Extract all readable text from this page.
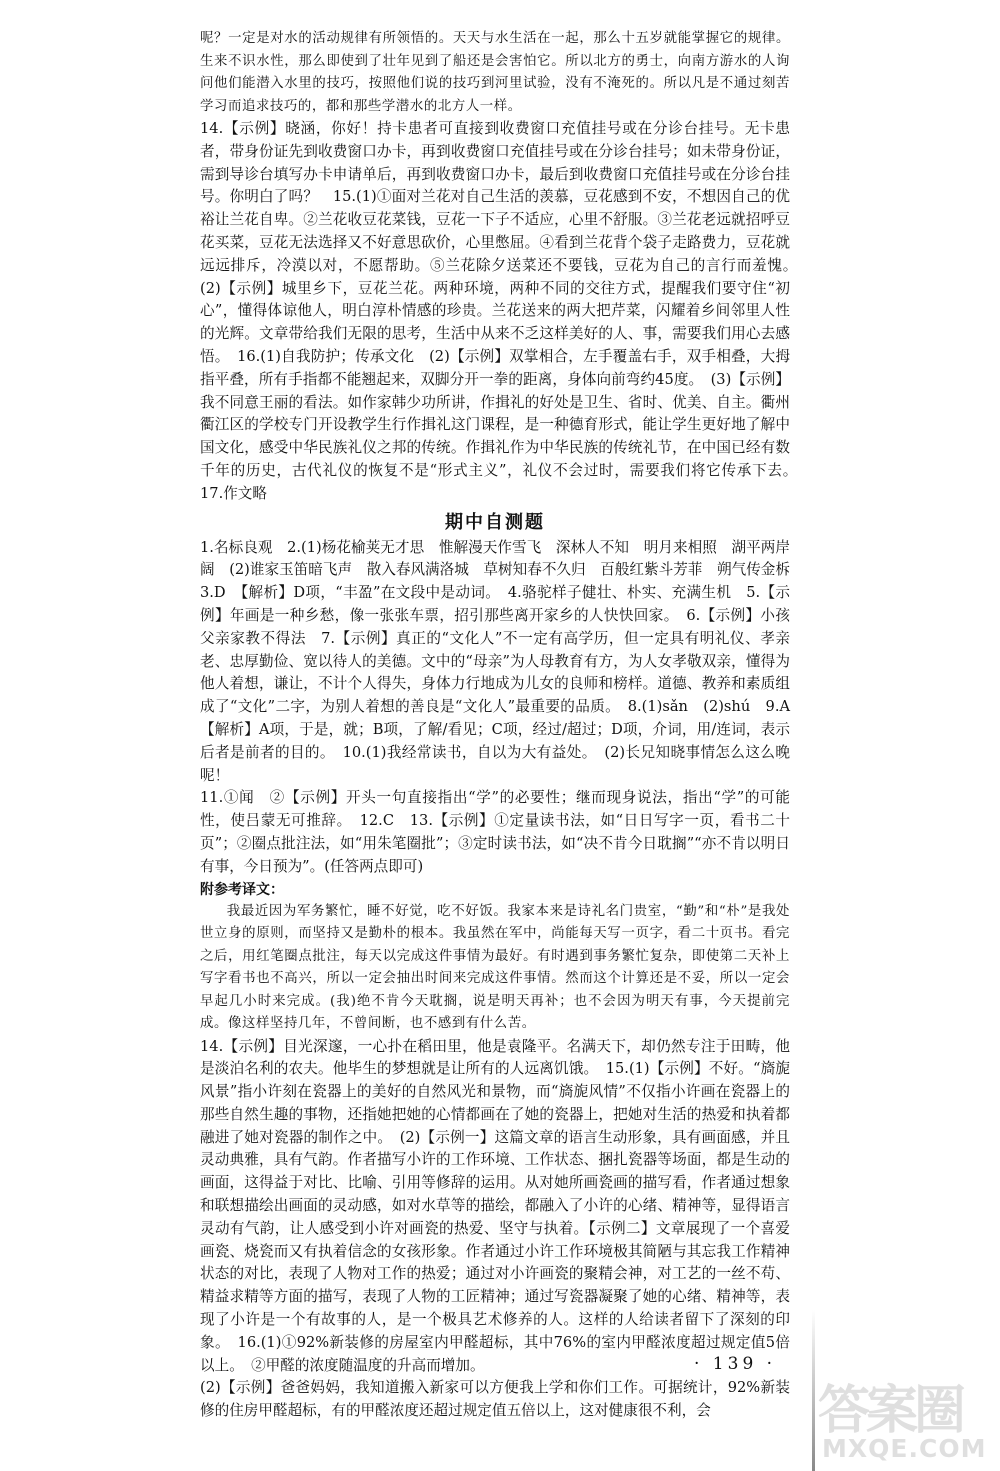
呢？一定是对水的活动规律有所领悟的。天天与水生活在一起，那么十五岁就能掌握它的规律。生来不识水性，那么即使到了壮年见到了船还是会害怕它。所以北方的勇士，向南方游水的人询问他们能潜入水里的技巧，按照他们说的技巧到河里试验，没有不淹死的。所以凡是不通过刻苦学习而追求技巧的，都和那些学潜水的北方人一样。

14.【示例】晓涵，你好！持卡患者可直接到收费窗口充值挂号或在分诊台挂号。无卡患者，带身份证先到收费窗口办卡，再到收费窗口充值挂号或在分诊台挂号；如未带身份证，需到导诊台填写办卡申请单后，再到收费窗口办卡，最后到收费窗口充值挂号或在分诊台挂号。你明白了吗？　15.(1)①面对兰花对自己生活的羡慕，豆花感到不安，不想因自己的优裕让兰花自卑。②兰花收豆花菜钱，豆花一下子不适应，心里不舒服。③兰花老远就招呼豆花买菜，豆花无法选择又不好意思砍价，心里憋屈。④看到兰花背个袋子走路费力，豆花就远远排斥，冷漠以对，不愿帮助。⑤兰花除夕送菜还不要钱，豆花为自己的言行而羞愧。　(2)【示例】城里乡下，豆花兰花。两种环境，两种不同的交往方式，提醒我们要守住“初心”，懂得体谅他人，明白淳朴情感的珍贵。兰花送来的两大把芹菜，闪耀着乡间邻里人性的光辉。文章带给我们无限的思考，生活中从来不乏这样美好的人、事，需要我们用心去感悟。　16.(1)自我防护；传承文化　(2)【示例】双掌相合，左手覆盖右手，双手相叠，大拇指平叠，所有手指都不能翘起来，双脚分开一拳的距离，身体向前弯约45度。　(3)【示例】我不同意王丽的看法。如作家韩少功所讲，作揖礼的好处是卫生、省时、优美、自主。衢州衢江区的学校专门开设教学生行作揖礼这门课程，是一种德育形式，能让学生更好地了解中国文化，感受中华民族礼仪之邦的传统。作揖礼作为中华民族的传统礼节，在中国已经有数千年的历史，古代礼仪的恢复不是“形式主义”，礼仪不会过时，需要我们将它传承下去。　17.作文略

期中自测题

1.名标良观　2.(1)杨花榆荚无才思　惟解漫天作雪飞　深林人不知　明月来相照　湖平两岸阔　(2)谁家玉笛暗飞声　散入春风满洛城　草树知春不久归　百般红紫斗芳菲　朔气传金柝　3.D　【解析】D项，“丰盈”在文段中是动词。　4.骆驼样子健壮、朴实、充满生机　5.【示例】年画是一种乡愁，像一张张车票，招引那些离开家乡的人快快回家。　6.【示例】小孩父亲家教不得法　7.【示例】真正的“文化人”不一定有高学历，但一定具有明礼仪、孝亲老、忠厚勤俭、宽以待人的美德。文中的“母亲”为人母教育有方，为人女孝敬双亲，懂得为他人着想，谦让，不计个人得失，身体力行地成为儿女的良师和榜样。道德、教养和素质组成了“文化”二字，为别人着想的善良是“文化人”最重要的品质。　8.(1)sǎn　(2)shú　9.A　【解析】A项，于是，就；B项，了解/看见；C项，经过/超过；D项，介词，用/连词，表示后者是前者的目的。　10.(1)我经常读书，自以为大有益处。　(2)长兄知晓事情怎么这么晚呢！

11.①闻　②【示例】开头一句直接指出“学”的必要性；继而现身说法，指出“学”的可能性，使吕蒙无可推辞。　12.C　13.【示例】①定量读书法，如“日日写字一页，看书二十页”；②圈点批注法，如“用朱笔圈批”；③定时读书法，如“决不肯今日耽搁”“亦不肯以明日有事，今日预为”。(任答两点即可)

附参考译文：

我最近因为军务繁忙，睡不好觉，吃不好饭。我家本来是诗礼名门贵室，“勤”和“朴”是我处世立身的原则，而坚持又是勤朴的根本。我虽然在军中，尚能每天写一页字，看二十页书。看完之后，用红笔圈点批注，每天以完成这件事情为最好。有时遇到事务繁忙复杂，即使第二天补上写字看书也不高兴，所以一定会抽出时间来完成这件事情。然而这个计算还是不妥，所以一定会早起几小时来完成。(我)绝不肯今天耽搁，说是明天再补；也不会因为明天有事，今天提前完成。像这样坚持几年，不曾间断，也不感到有什么苦。

14.【示例】目光深邃，一心扑在稻田里，他是袁隆平。名满天下，却仍然专注于田畴，他是淡泊名利的农夫。他毕生的梦想就是让所有的人远离饥饿。　15.(1)【示例】不好。“旖旎风景”指小许刻在瓷器上的美好的自然风光和景物，而“旖旎风情”不仅指小许画在瓷器上的那些自然生趣的事物，还指她把她的心情都画在了她的瓷器上，把她对生活的热爱和执着都融进了她对瓷器的制作之中。　(2)【示例一】这篇文章的语言生动形象，具有画面感，并且灵动典雅，具有气韵。作者描写小许的工作环境、工作状态、捆扎瓷器等场面，都是生动的画面，这得益于对比、比喻、引用等修辞的运用。从对她所画瓷画的描写看，作者通过想象和联想描绘出画面的灵动感，如对水草等的描绘，都融入了小许的心绪、精神等，显得语言灵动有气韵，让人感受到小许对画瓷的热爱、坚守与执着。【示例二】文章展现了一个喜爱画瓷、烧瓷而又有执着信念的女孩形象。作者通过小许工作环境极其简陋与其忘我工作精神状态的对比，表现了人物对工作的热爱；通过对小许画瓷的聚精会神，对工艺的一丝不苟、精益求精等方面的描写，表现了人物的工匠精神；通过写瓷器凝聚了她的心绪、精神等，表现了小许是一个有故事的人，是一个极具艺术修养的人。这样的人给读者留下了深刻的印象。　16.(1)①92%新装修的房屋室内甲醛超标，其中76%的室内甲醛浓度超过规定值5倍以上。　②甲醛的浓度随温度的升高而增加。

(2)【示例】爸爸妈妈，我知道搬入新家可以方便我上学和你们工作。可据统计，92%新装修的住房甲醛超标，有的甲醛浓度还超过规定值五倍以上，这对健康很不利，会

· 139 ·
答案圈
MXQE.COM
